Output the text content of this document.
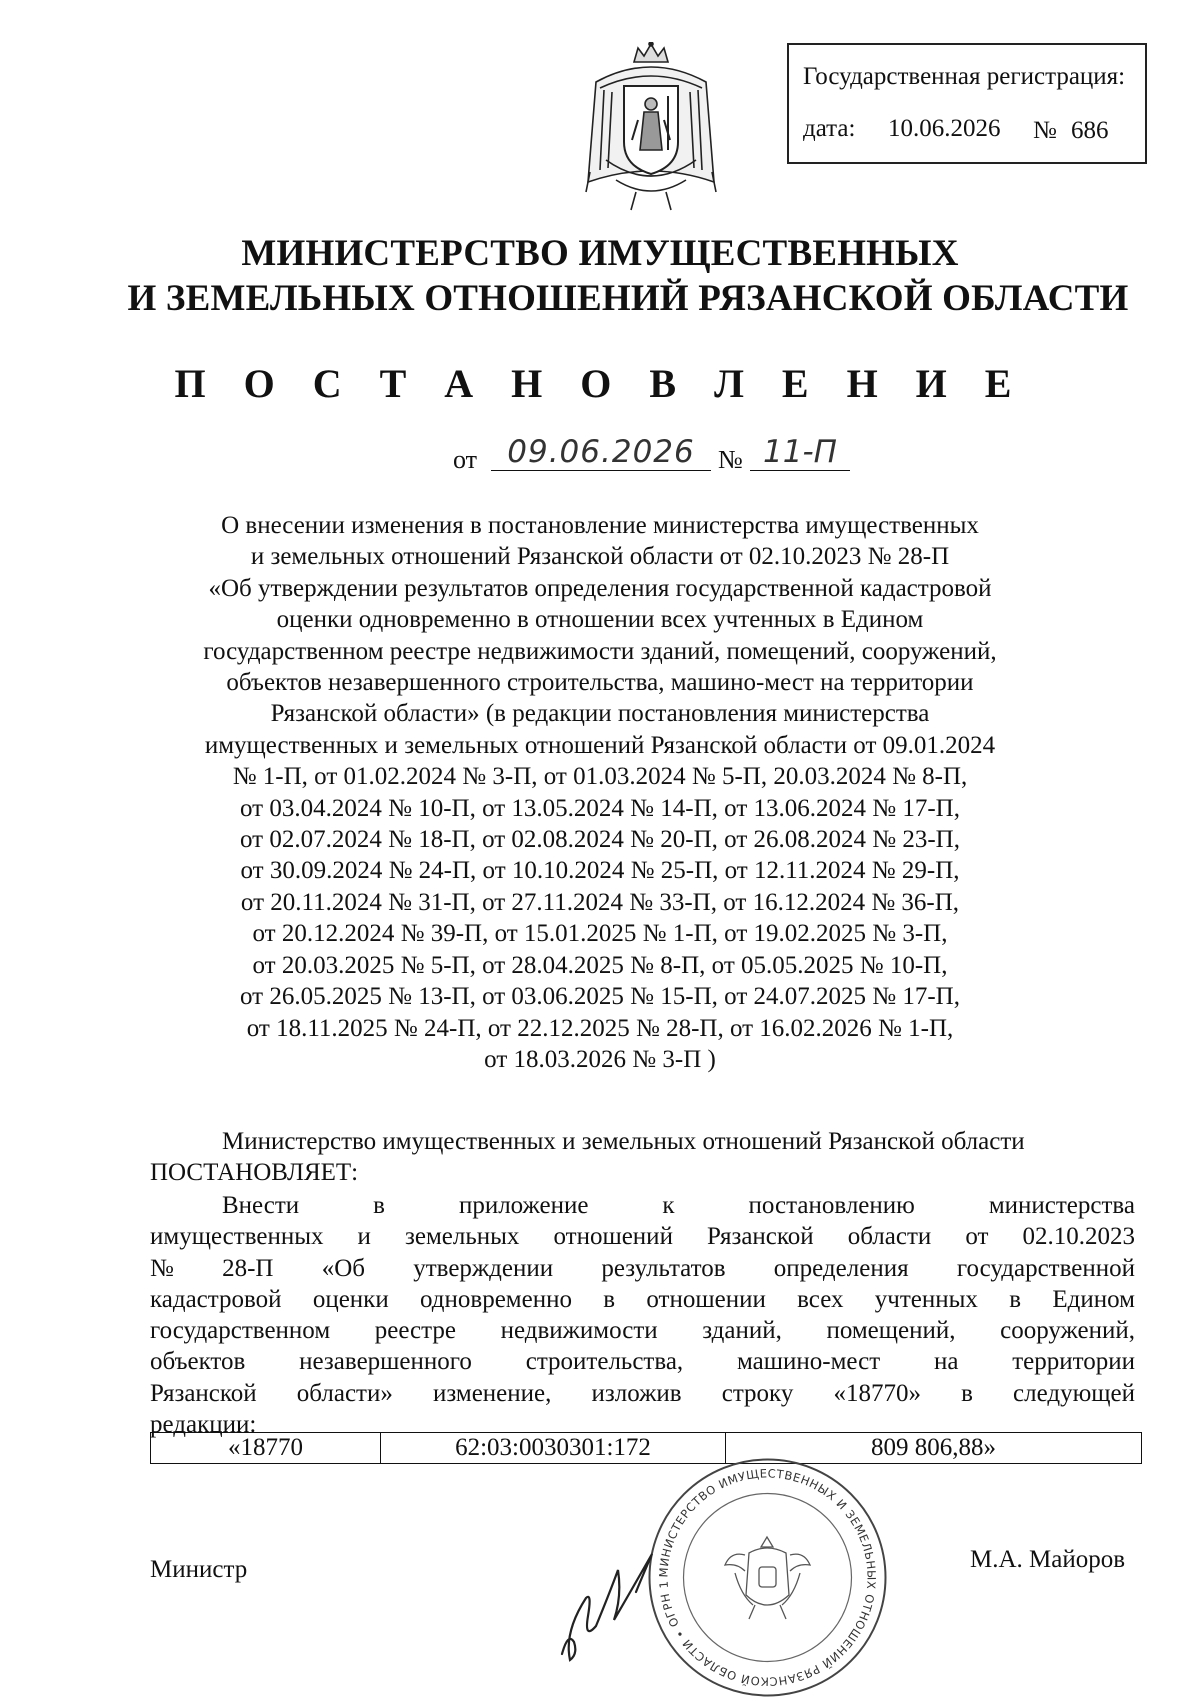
Государственная регистрация:
дата: 10.06.2026 № 686
МИНИСТЕРСТВО ИМУЩЕСТВЕННЫХ
И ЗЕМЕЛЬНЫХ ОТНОШЕНИЙ РЯЗАНСКОЙ ОБЛАСТИ
П О С Т А Н О В Л Е Н И Е
от 09.06.2026 № 11-П
О внесении изменения в постановление министерства имущественных
и земельных отношений Рязанской области от 02.10.2023 № 28-П
«Об утверждении результатов определения государственной кадастровой
оценки одновременно в отношении всех учтенных в Едином
государственном реестре недвижимости зданий, помещений, сооружений,
объектов незавершенного строительства, машино-мест на территории
Рязанской области» (в редакции постановления министерства
имущественных и земельных отношений Рязанской области от 09.01.2024
№ 1-П, от 01.02.2024 № 3-П, от 01.03.2024 № 5-П, 20.03.2024 № 8-П,
от 03.04.2024 № 10-П, от 13.05.2024 № 14-П, от 13.06.2024 № 17-П,
от 02.07.2024 № 18-П, от 02.08.2024 № 20-П, от 26.08.2024 № 23-П,
от 30.09.2024 № 24-П, от 10.10.2024 № 25-П, от 12.11.2024 № 29-П,
от 20.11.2024 № 31-П, от 27.11.2024 № 33-П, от 16.12.2024 № 36-П,
от 20.12.2024 № 39-П, от 15.01.2025 № 1-П, от 19.02.2025 № 3-П,
от 20.03.2025 № 5-П, от 28.04.2025 № 8-П, от 05.05.2025 № 10-П,
от 26.05.2025 № 13-П, от 03.06.2025 № 15-П, от 24.07.2025 № 17-П,
от 18.11.2025 № 24-П, от 22.12.2025 № 28-П, от 16.02.2026 № 1-П,
от 18.03.2026 № 3-П )
Министерство имущественных и земельных отношений Рязанской области
ПОСТАНОВЛЯЕТ:
Внести	в	приложение	к	постановлению	министерства
имущественных и земельных отношений Рязанской области от 02.10.2023
№ 28-П «Об утверждении результатов определения государственной
кадастровой оценки одновременно в отношении всех учтенных в Едином
государственном реестре недвижимости зданий, помещений, сооружений,
объектов незавершенного строительства, машино-мест на территории
Рязанской области» изменение, изложив строку «18770» в следующей
редакции:
«18770	62:03:0030301:172	809 806,88»
МИНИСТЕРСТВО ИМУЩЕСТВЕННЫХ И ЗЕМЕЛЬНЫХ ОТНОШЕНИЙ РЯЗАНСКОЙ ОБЛАСТИ • ОГРН 1
Министр	М.А. Майоров
